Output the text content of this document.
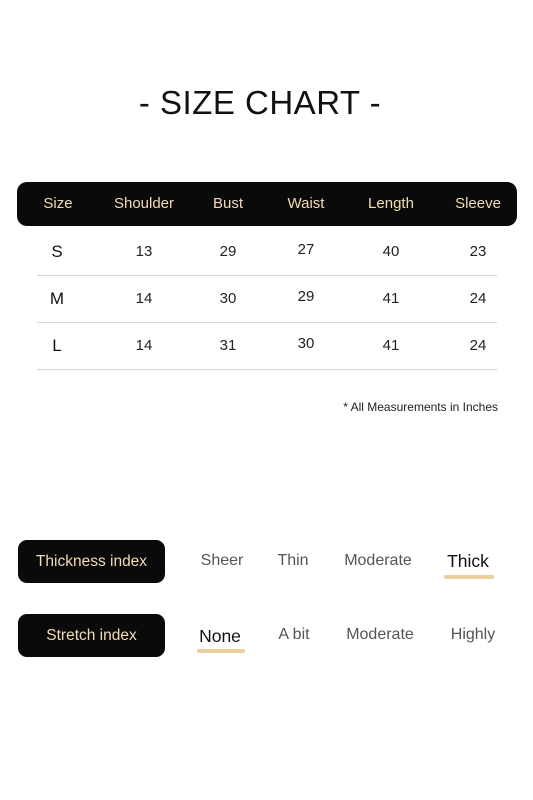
- SIZE CHART -
Size	Shoulder	Bust	Waist	Length	Sleeve
S	13	29	27	40	23
M	14	30	29	41	24
L	14	31	30	41	24
* All Measurements in Inches
Thickness index	Sheer Thin Moderate Thick
Stretch index	None A bit Moderate Highly
